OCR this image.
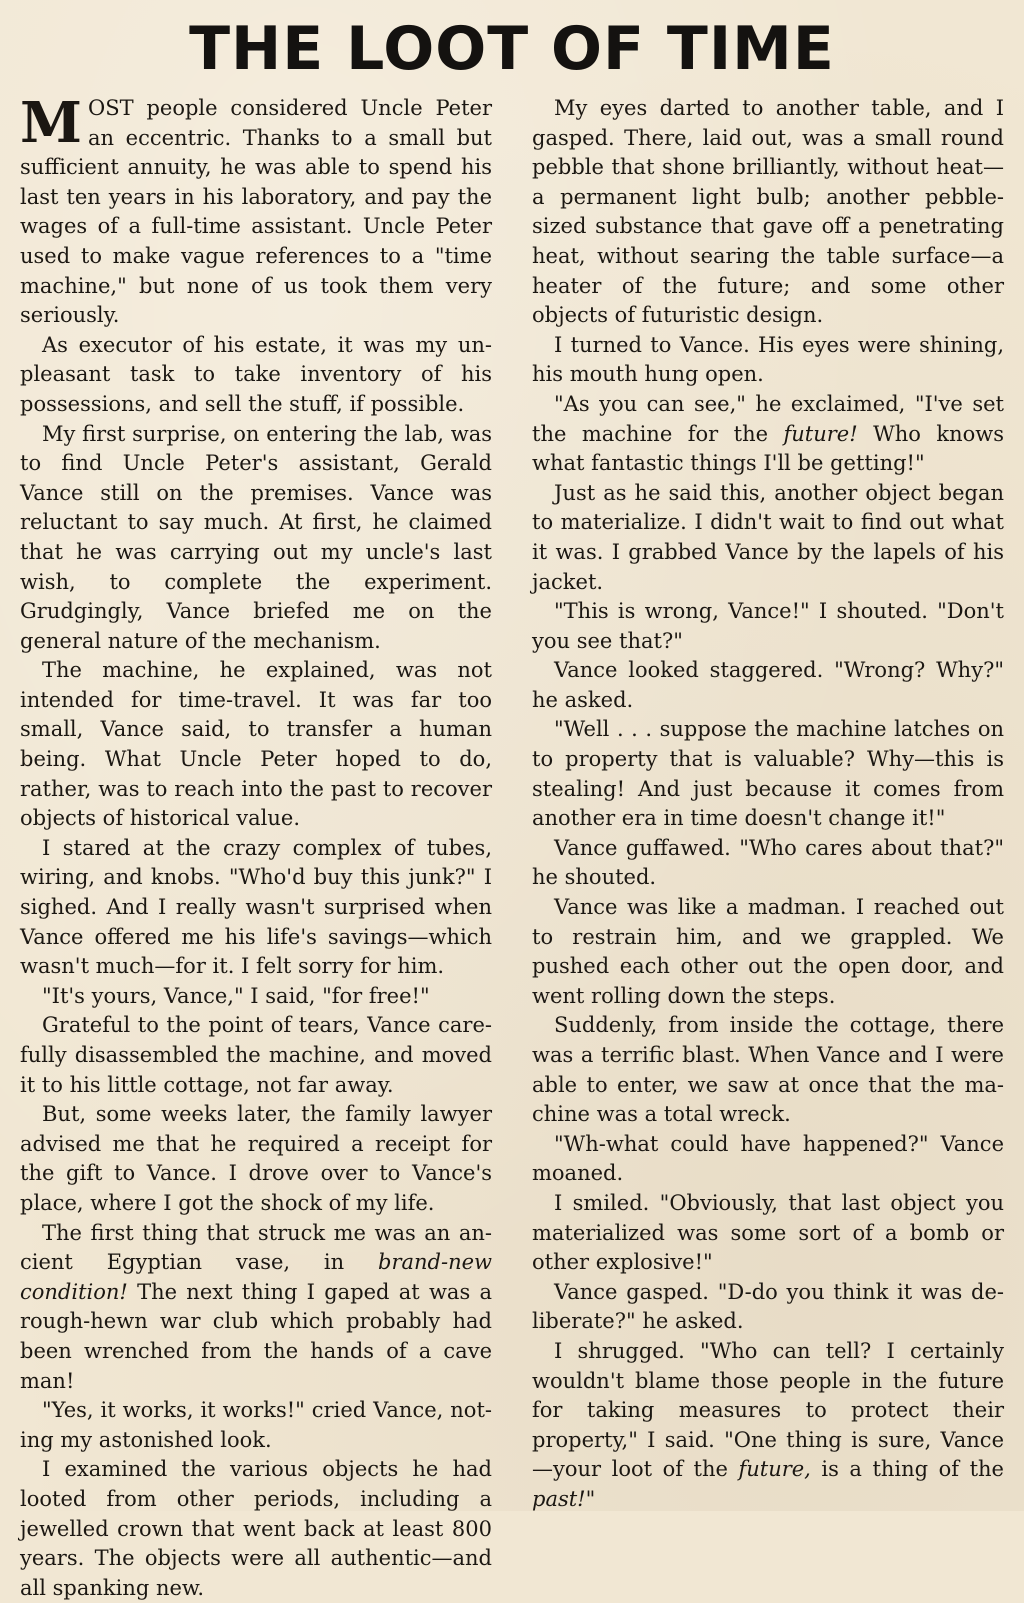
THE LOOT OF TIME

MOST people considered Uncle Peter an eccentric. Thanks to a small but sufficient annuity, he was able to spend his last ten years in his laboratory, and pay the wages of a full-time assistant. Uncle Peter used to make vague references to a "time machine," but none of us took them very seriously.

As executor of his estate, it was my unpleasant task to take inventory of his possessions, and sell the stuff, if possible.

My first surprise, on entering the lab, was to find Uncle Peter's assistant, Gerald Vance still on the premises. Vance was reluctant to say much. At first, he claimed that he was carrying out my uncle's last wish, to complete the experiment. Grudgingly, Vance briefed me on the general nature of the mechanism.

The machine, he explained, was not intended for time-travel. It was far too small, Vance said, to transfer a human being. What Uncle Peter hoped to do, rather, was to reach into the past to recover objects of historical value.

I stared at the crazy complex of tubes, wiring, and knobs. "Who'd buy this junk?" I sighed. And I really wasn't surprised when Vance offered me his life's savings—which wasn't much—for it. I felt sorry for him.

"It's yours, Vance," I said, "for free!"

Grateful to the point of tears, Vance carefully disassembled the machine, and moved it to his little cottage, not far away.

But, some weeks later, the family lawyer advised me that he required a receipt for the gift to Vance. I drove over to Vance's place, where I got the shock of my life.

The first thing that struck me was an ancient Egyptian vase, in brand-new condition! The next thing I gaped at was a rough-hewn war club which probably had been wrenched from the hands of a cave man!

"Yes, it works, it works!" cried Vance, noting my astonished look.

I examined the various objects he had looted from other periods, including a jewelled crown that went back at least 800 years. The objects were all authentic—and all spanking new.

My eyes darted to another table, and I gasped. There, laid out, was a small round pebble that shone brilliantly, without heat—a permanent light bulb; another pebble-sized substance that gave off a penetrating heat, without searing the table surface—a heater of the future; and some other objects of futuristic design.

I turned to Vance. His eyes were shining, his mouth hung open.

"As you can see," he exclaimed, "I've set the machine for the future! Who knows what fantastic things I'll be getting!"

Just as he said this, another object began to materialize. I didn't wait to find out what it was. I grabbed Vance by the lapels of his jacket.

"This is wrong, Vance!" I shouted. "Don't you see that?"

Vance looked staggered. "Wrong? Why?" he asked.

"Well . . . suppose the machine latches on to property that is valuable? Why—this is stealing! And just because it comes from another era in time doesn't change it!"

Vance guffawed. "Who cares about that?" he shouted.

Vance was like a madman. I reached out to restrain him, and we grappled. We pushed each other out the open door, and went rolling down the steps.

Suddenly, from inside the cottage, there was a terrific blast. When Vance and I were able to enter, we saw at once that the machine was a total wreck.

"Wh-what could have happened?" Vance moaned.

I smiled. "Obviously, that last object you materialized was some sort of a bomb or other explosive!"

Vance gasped. "D-do you think it was deliberate?" he asked.

I shrugged. "Who can tell? I certainly wouldn't blame those people in the future for taking measures to protect their property," I said. "One thing is sure, Vance—your loot of the future, is a thing of the past!"
